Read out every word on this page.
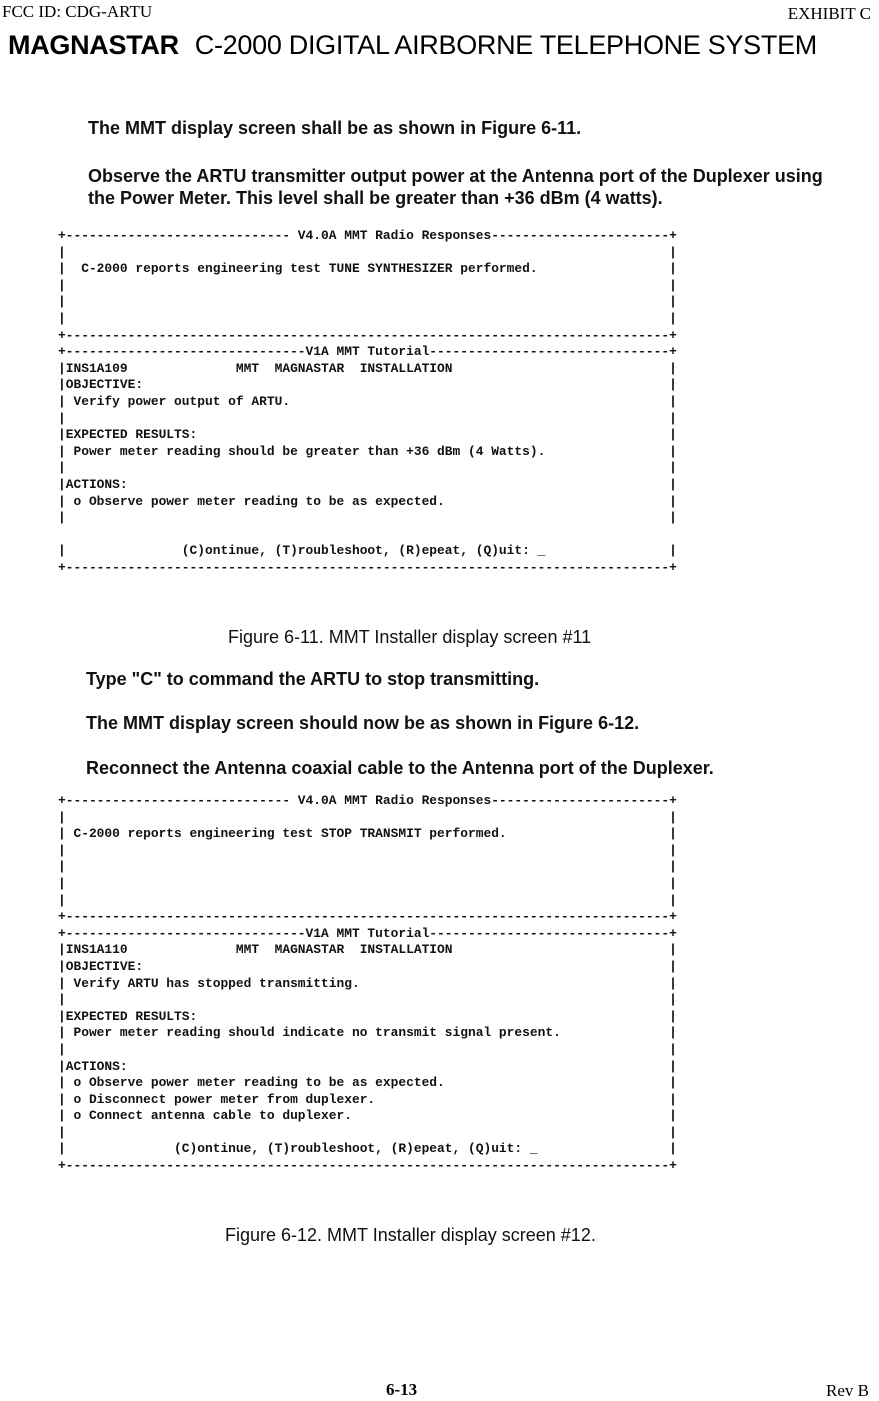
FCC ID: CDG-ARTU	EXHIBIT C
MAGNASTAR C-2000 DIGITAL AIRBORNE TELEPHONE SYSTEM
The MMT display screen shall be as shown in Figure 6-11.
Observe the ARTU transmitter output power at the Antenna port of the Duplexer using the Power Meter. This level shall be greater than +36 dBm (4 watts).
+----------------------------- V4.0A MMT Radio Responses-----------------------+
|                                                                              |
|  C-2000 reports engineering test TUNE SYNTHESIZER performed.                 |
|                                                                              |
|                                                                              |
|                                                                              |
+------------------------------------------------------------------------------+
+-------------------------------V1A MMT Tutorial-------------------------------+
|INS1A109              MMT  MAGNASTAR  INSTALLATION                            |
|OBJECTIVE:                                                                    |
| Verify power output of ARTU.                                                 |
|                                                                              |
|EXPECTED RESULTS:                                                             |
| Power meter reading should be greater than +36 dBm (4 Watts).                |
|                                                                              |
|ACTIONS:                                                                      |
| o Observe power meter reading to be as expected.                             |
|                                                                              |
|               (C)ontinue, (T)roubleshoot, (R)epeat, (Q)uit: _                |
+------------------------------------------------------------------------------+
Figure 6-11. MMT Installer display screen #11
Type "C" to command the ARTU to stop transmitting.
The MMT display screen should now be as shown in Figure 6-12.
Reconnect the Antenna coaxial cable to the Antenna port of the Duplexer.
+----------------------------- V4.0A MMT Radio Responses-----------------------+
|                                                                              |
| C-2000 reports engineering test STOP TRANSMIT performed.                     |
|                                                                              |
|                                                                              |
|                                                                              |
|                                                                              |
+------------------------------------------------------------------------------+
+-------------------------------V1A MMT Tutorial-------------------------------+
|INS1A110              MMT  MAGNASTAR  INSTALLATION                            |
|OBJECTIVE:                                                                    |
| Verify ARTU has stopped transmitting.                                        |
|                                                                              |
|EXPECTED RESULTS:                                                             |
| Power meter reading should indicate no transmit signal present.              |
|                                                                              |
|ACTIONS:                                                                      |
| o Observe power meter reading to be as expected.                             |
| o Disconnect power meter from duplexer.                                      |
| o Connect antenna cable to duplexer.                                         |
|                                                                              |
|              (C)ontinue, (T)roubleshoot, (R)epeat, (Q)uit: _                 |
+------------------------------------------------------------------------------+
Figure 6-12. MMT Installer display screen #12.
6-13	Rev B
